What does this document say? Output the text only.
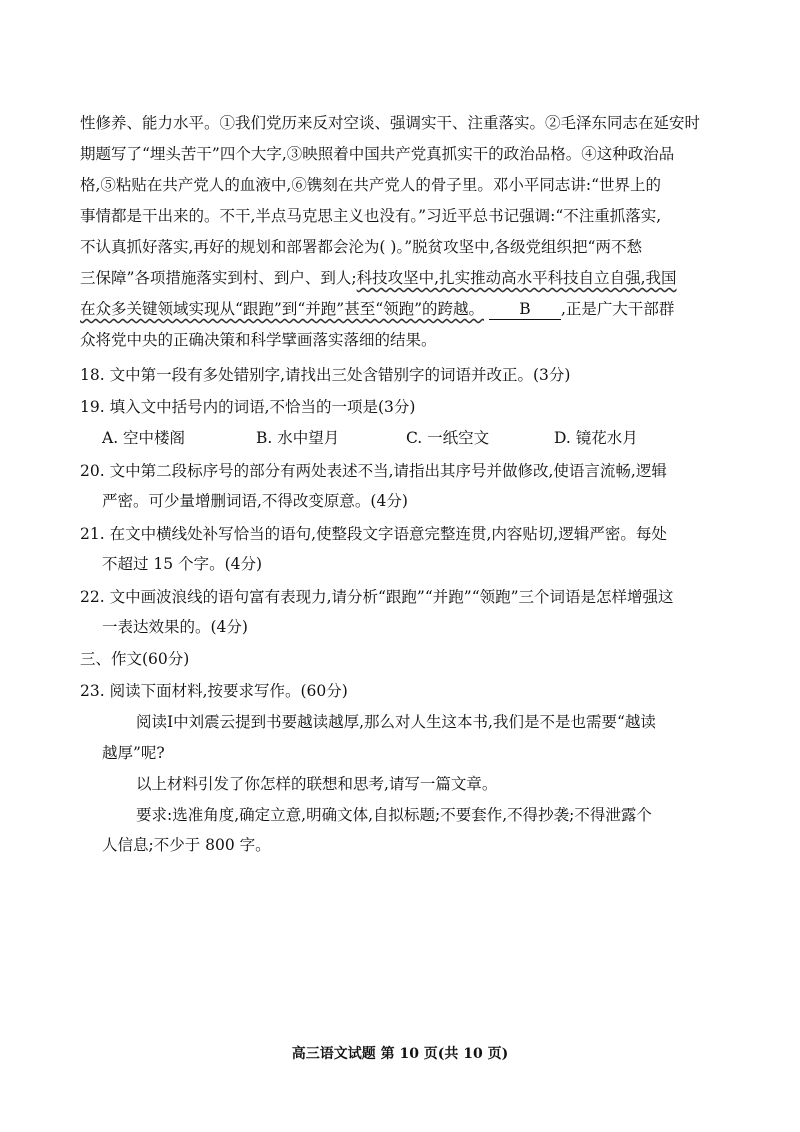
性修养、能力水平。①我们党历来反对空谈、强调实干、注重落实。②毛泽东同志在延安时
期题写了“埋头苦干”四个大字,③映照着中国共产党真抓实干的政治品格。④这种政治品
格,⑤粘贴在共产党人的血液中,⑥镌刻在共产党人的骨子里。邓小平同志讲:“世界上的
事情都是干出来的。不干,半点马克思主义也没有。”习近平总书记强调:“不注重抓落实,
不认真抓好落实,再好的规划和部署都会沦为( )。”脱贫攻坚中,各级党组织把“两不愁
三保障”各项措施落实到村、到户、到人;科技攻坚中,扎实推动高水平科技自立自强,我国
在众多关键领域实现从“跟跑”到“并跑”甚至“领跑”的跨越。 B ,正是广大干部群
众将党中央的正确决策和科学擘画落实落细的结果。
18. 文中第一段有多处错别字,请找出三处含错别字的词语并改正。(3分)
19. 填入文中括号内的词语,不恰当的一项是(3分)
A. 空中楼阁	B. 水中望月	C. 一纸空文	D. 镜花水月
20. 文中第二段标序号的部分有两处表述不当,请指出其序号并做修改,使语言流畅,逻辑
严密。可少量增删词语,不得改变原意。(4分)
21. 在文中横线处补写恰当的语句,使整段文字语意完整连贯,内容贴切,逻辑严密。每处
不超过 15 个字。(4分)
22. 文中画波浪线的语句富有表现力,请分析“跟跑”“并跑”“领跑”三个词语是怎样增强这
一表达效果的。(4分)
三、作文(60分)
23. 阅读下面材料,按要求写作。(60分)
阅读Ⅰ中刘震云提到书要越读越厚,那么对人生这本书,我们是不是也需要“越读
越厚”呢?
以上材料引发了你怎样的联想和思考,请写一篇文章。
要求:选准角度,确定立意,明确文体,自拟标题;不要套作,不得抄袭;不得泄露个
人信息;不少于 800 字。
高三语文试题 第 10 页(共 10 页)
